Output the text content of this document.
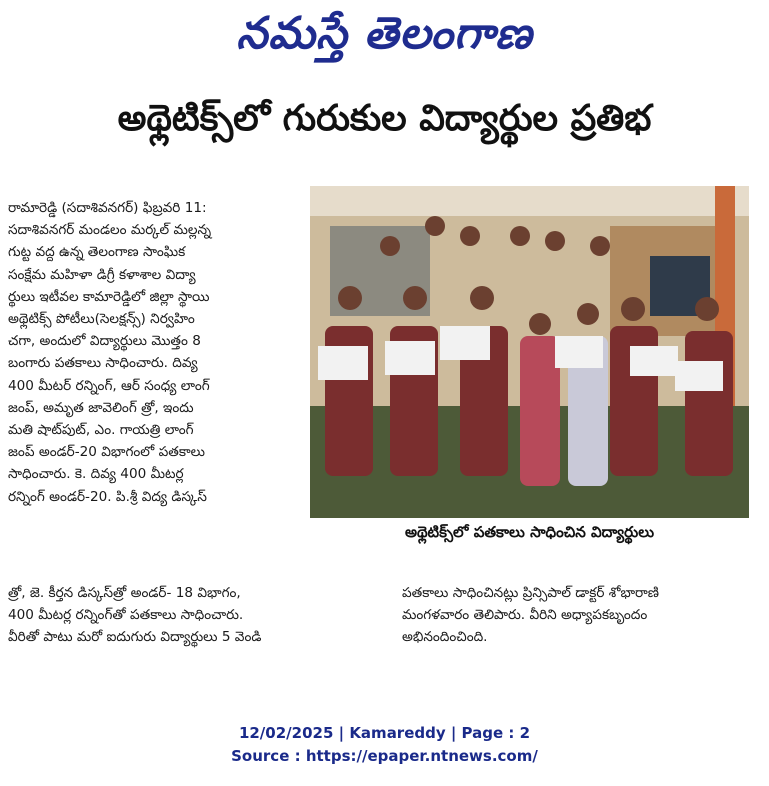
నమస్తే తెలంగాణ
అథ్లెటిక్స్‌లో గురుకుల విద్యార్థుల ప్రతిభ
రామారెడ్డి (సదాశివనగర్) ఫిబ్రవరి 11:
సదాశివనగర్ మండలం మర్కల్ మల్లన్న
గుట్ట వద్ద ఉన్న తెలంగాణ సాంఘిక
సంక్షేమ మహిళా డిగ్రీ కళాశాల విద్యా
ర్థులు ఇటీవల కామారెడ్డిలో జిల్లా స్థాయి
అథ్లెటిక్స్ పోటీలు(సెలక్షన్స్) నిర్వహిం
చగా, అందులో విద్యార్థులు మొత్తం 8
బంగారు పతకాలు సాధించారు. దివ్య
400 మీటర్ రన్నింగ్, ఆర్ సంధ్య లాంగ్
జంప్, అమృత జావెలింగ్ త్రో, ఇందు
మతి షాట్‌పుట్, ఎం. గాయత్రి లాంగ్
జంప్ అండర్-20 విభాగంలో పతకాలు
సాధించారు. కె. దివ్య 400 మీటర్ల
రన్నింగ్ అండర్-20. పి.శ్రీ విద్య డిస్కస్
అథ్లెటిక్స్‌లో పతకాలు సాధించిన విద్యార్థులు
త్రో, జె. కీర్తన డిస్కస్‌త్రో అండర్- 18 విభాగం,
400 మీటర్ల రన్నింగ్‌తో పతకాలు సాధించారు.
వీరితో పాటు మరో ఐదుగురు విద్యార్థులు 5 వెండి
పతకాలు సాధించినట్లు ప్రిన్సిపాల్ డాక్టర్ శోభారాణి
మంగళవారం తెలిపారు. వీరిని అధ్యాపకబృందం
అభినందించింది.
12/02/2025 | Kamareddy | Page : 2
Source : https://epaper.ntnews.com/
